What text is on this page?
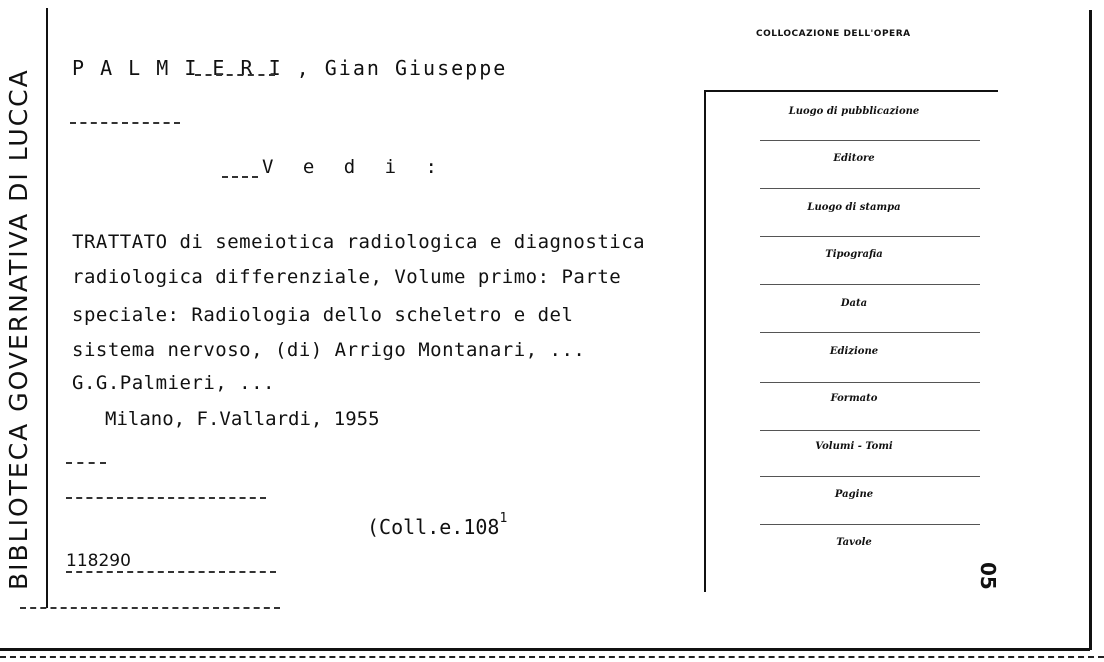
BIBLIOTECA GOVERNATIVA DI LUCCA
COLLOCAZIONE DELL'OPERA
P A L M I E R I , Gian Giuseppe
V e d i :
TRATTATO di semeiotica radiologica e diagnostica
radiologica differenziale, Volume primo: Parte
speciale: Radiologia dello scheletro e del
sistema nervoso, (di) Arrigo Montanari, ...
G.G.Palmieri, ...
Milano, F.Vallardi, 1955
(Coll.e.108$^1$
118290
Luogo di pubblicazione
Editore
Luogo di stampa
Tipografia
Data
Edizione
Formato
Volumi - Tomi
Pagine
Tavole
05
